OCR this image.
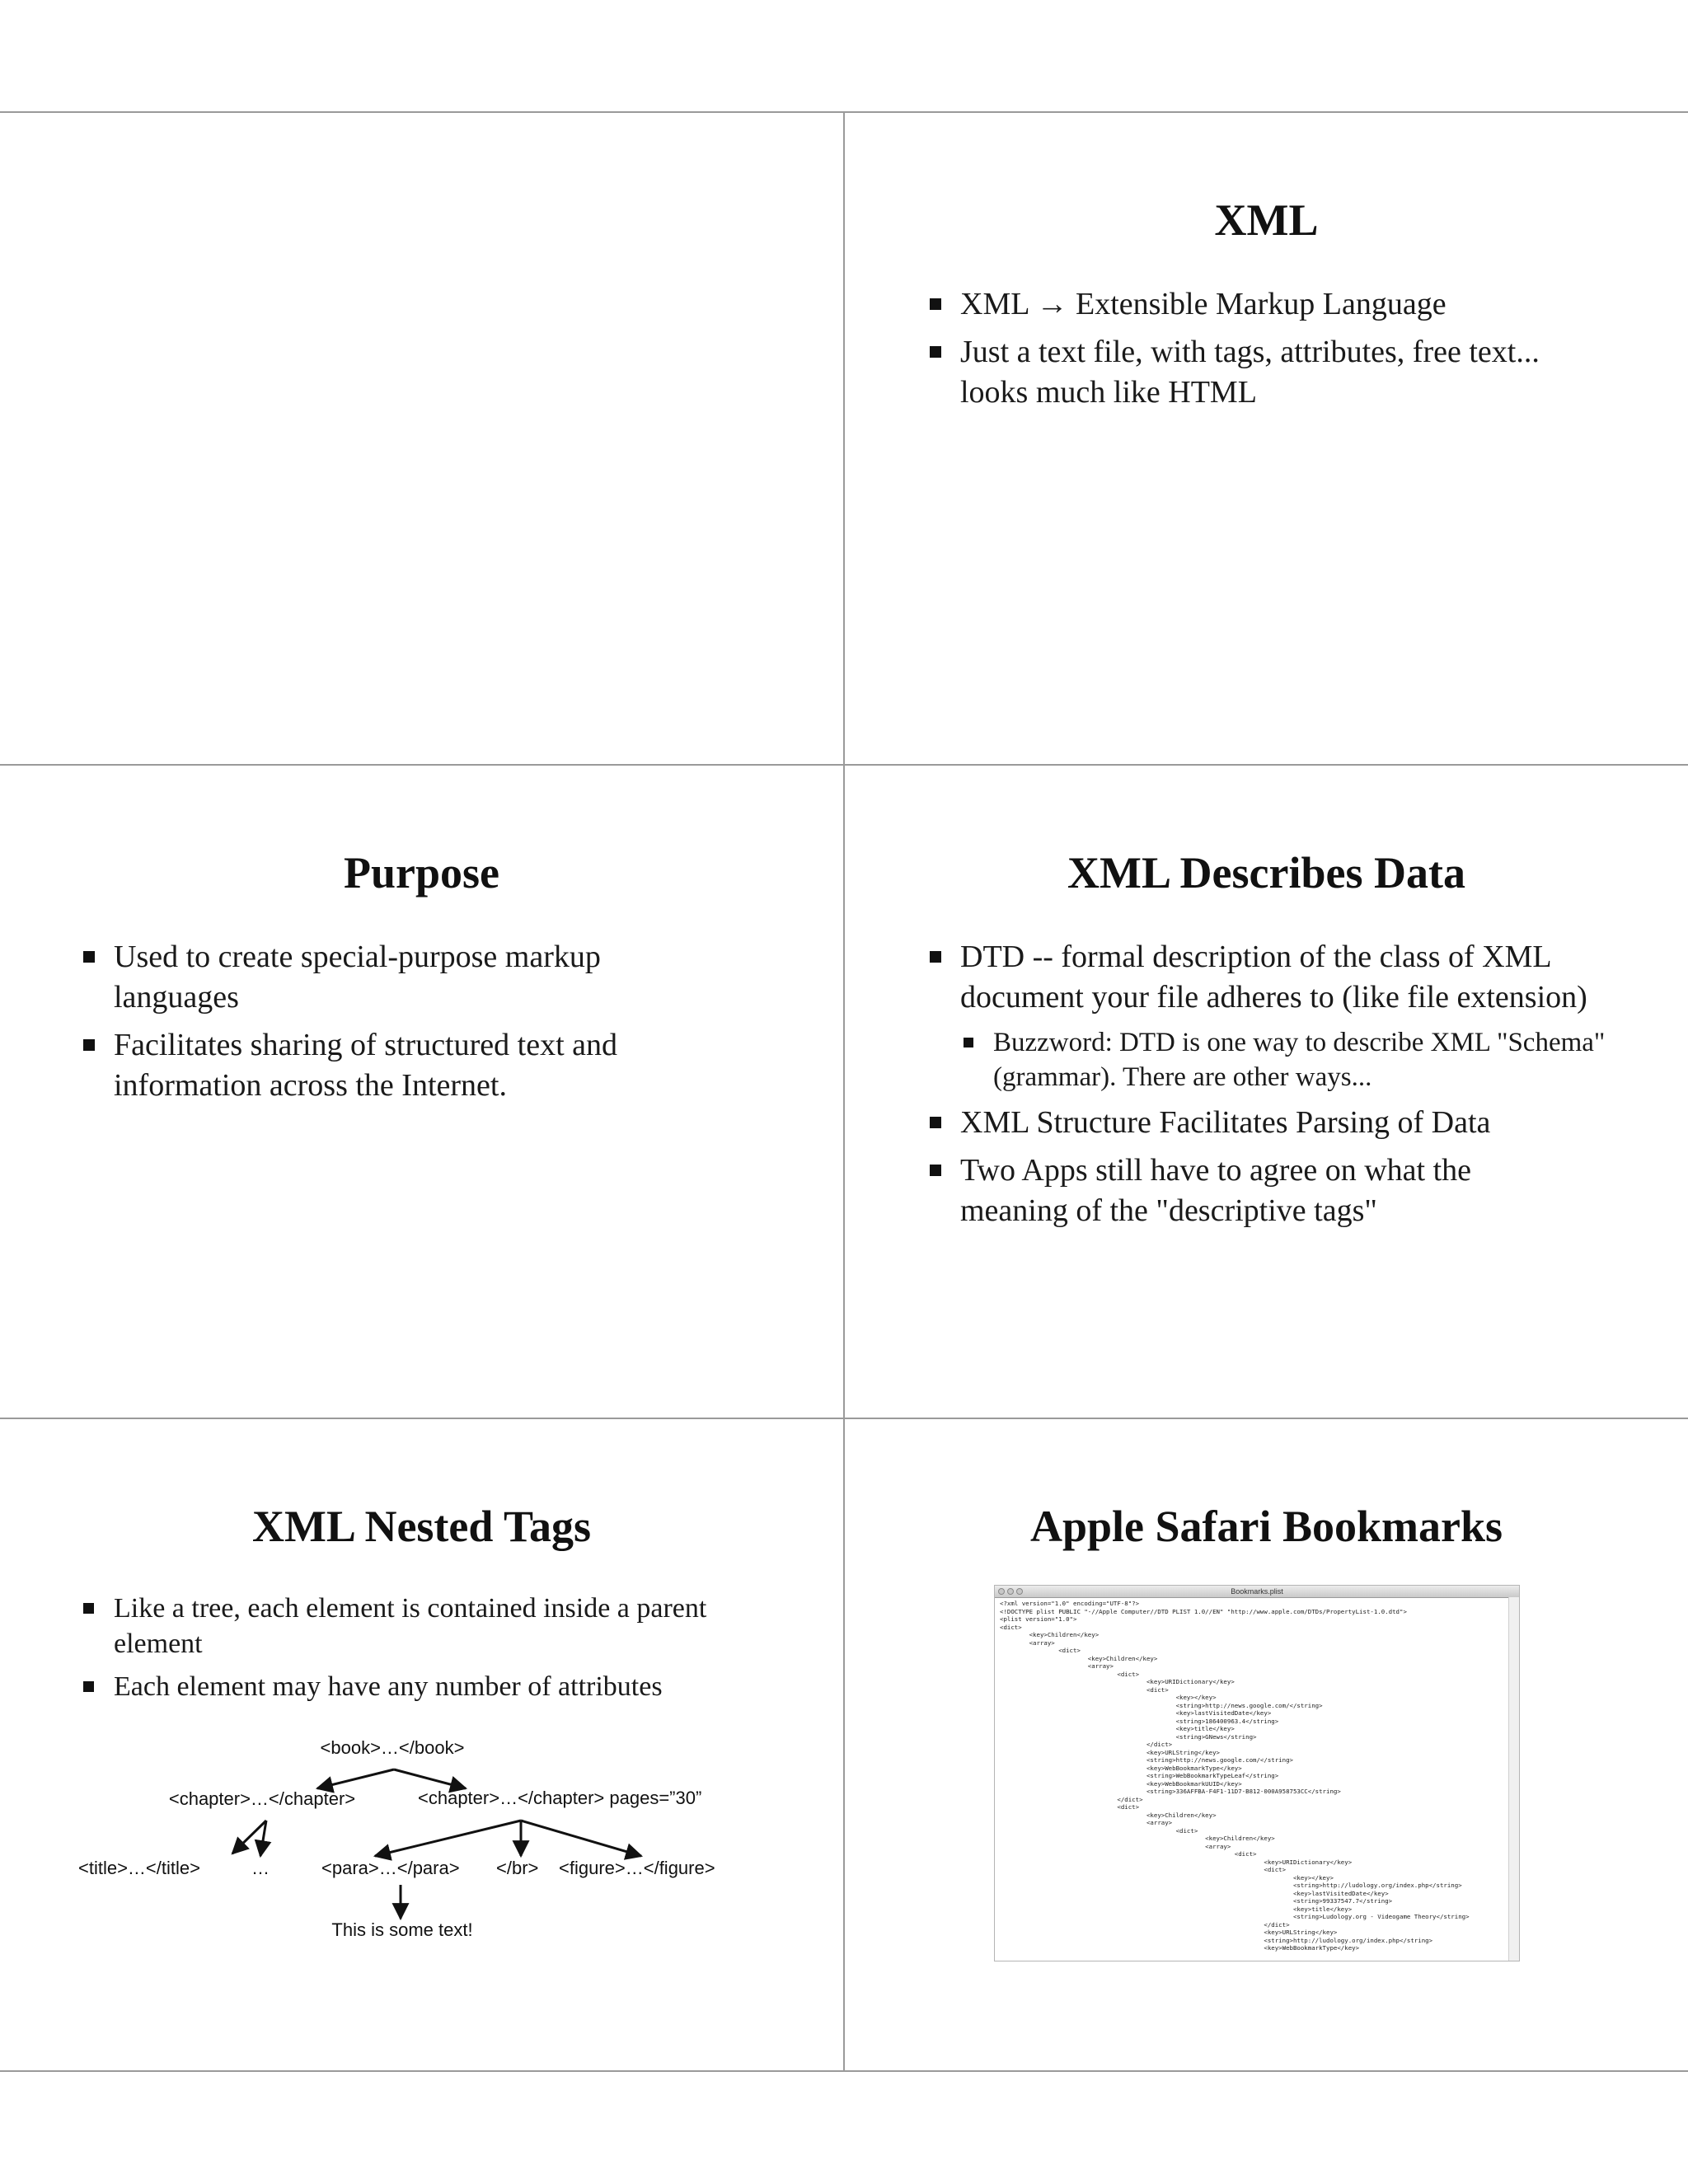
XML
XML → Extensible Markup Language
Just a text file, with tags, attributes, free text... looks much like HTML
Purpose
Used to create special-purpose markup languages
Facilitates sharing of structured text and information across the Internet.
XML Describes Data
DTD -- formal description of the class of XML document your file adheres to (like file extension)
Buzzword: DTD is one way to describe XML "Schema" (grammar). There are other ways...
XML Structure Facilitates Parsing of Data
Two Apps still have to agree on what the meaning of the "descriptive tags"
XML Nested Tags
Like a tree, each element is contained inside a parent element
Each element may have any number of attributes
<book>…</book>
<chapter>…</chapter>	<chapter>…</chapter> pages=”30”
<title>…</title>	…	<para>…</para> </br> <figure>…</figure>
This is some text!
Apple Safari Bookmarks
Bookmarks.plist
<?xml version="1.0" encoding="UTF-8"?>
<!DOCTYPE plist PUBLIC "-//Apple Computer//DTD PLIST 1.0//EN" "http://www.apple.com/DTDs/PropertyList-1.0.dtd">
<plist version="1.0">
<dict>
<key>Children</key>
<array>
<dict>
<key>Children</key>
<array>
<dict>
<key>URIDictionary</key>
<dict>
<key></key>
<string>http://news.google.com/</string>
<key>lastVisitedDate</key>
<string>186400963.4</string>
<key>title</key>
<string>GNews</string>
</dict>
<key>URLString</key>
<string>http://news.google.com/</string>
<key>WebBookmarkType</key>
<string>WebBookmarkTypeLeaf</string>
<key>WebBookmarkUUID</key>
<string>336AFFBA-F4F1-11D7-B812-000A958753CC</string>
</dict>
<dict>
<key>Children</key>
<array>
<dict>
<key>Children</key>
<array>
<dict>
<key>URIDictionary</key>
<dict>
<key></key>
<string>http://ludology.org/index.php</string>
<key>lastVisitedDate</key>
<string>99337547.7</string>
<key>title</key>
<string>Ludology.org - Videogame Theory</string>
</dict>
<key>URLString</key>
<string>http://ludology.org/index.php</string>
<key>WebBookmarkType</key>
